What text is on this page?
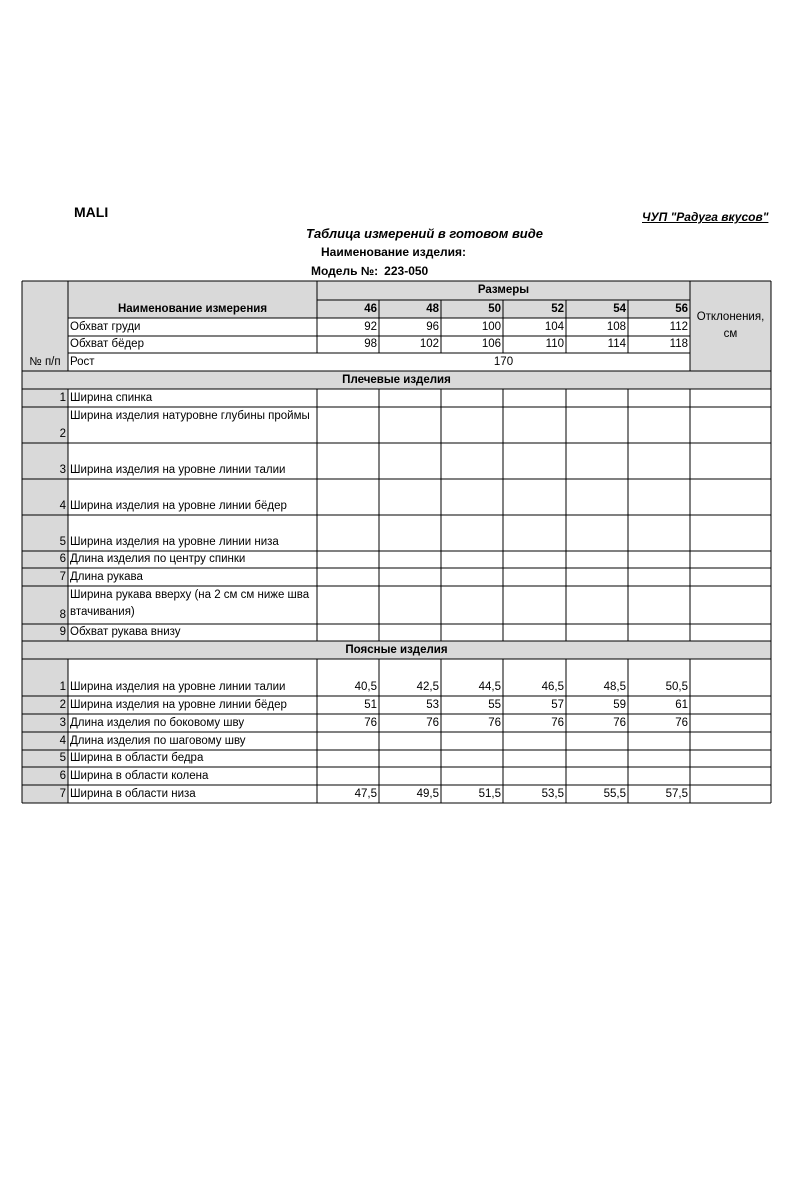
MALI	ЧУП "Радуга вкусов"
Таблица измерений в готовом виде
Наименование изделия:
Модель №: 223-050
№ п/п
Наименование измерения
Размеры
Отклонения, см
46	48	50	52	54	56
Обхват груди	92	96	100	104	108	112
Обхват бёдер	98	102	106	110	114	118
Рост	170
Плечевые изделия
1 Ширина спинка
2
Ширина изделия натуровне глубины проймы
3 Ширина изделия на уровне линии талии
4 Ширина изделия на уровне линии бёдер
5 Ширина изделия на уровне линии низа
6 Длина изделия по центру спинки
7 Длина рукава
8
Ширина рукава вверху (на 2 см см ниже шва втачивания)
9 Обхват рукава внизу
Поясные изделия
1 Ширина изделия на уровне линии талии	40,5	42,5	44,5	46,5	48,5	50,5
2 Ширина изделия на уровне линии бёдер	51	53	55	57	59	61
3 Длина изделия по боковому шву	76	76	76	76	76	76
4 Длина изделия по шаговому шву
5 Ширина в области бедра
6 Ширина в области колена
7 Ширина в области низа	47,5	49,5	51,5	53,5	55,5	57,5
